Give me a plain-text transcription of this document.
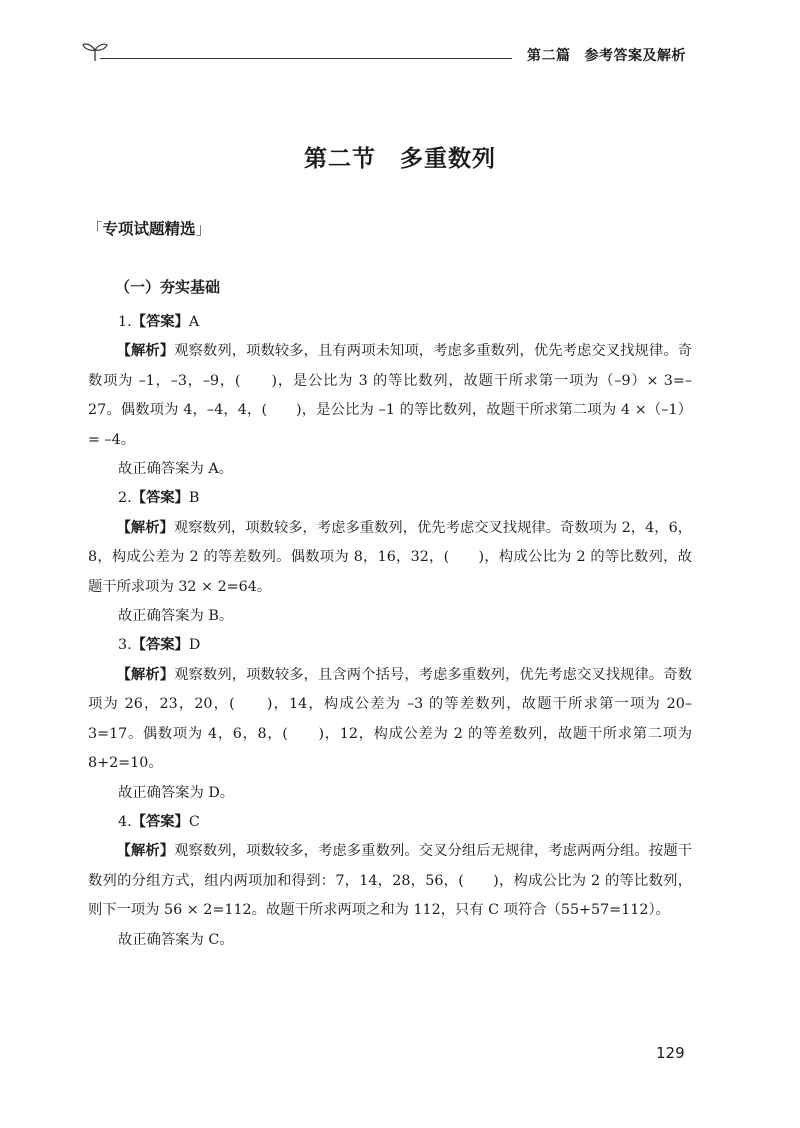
第二篇 参考答案及解析
第二节　多重数列
「专项试题精选」
（一）夯实基础

1.【答案】A

【解析】观察数列，项数较多，且有两项未知项，考虑多重数列，优先考虑交叉找规律。奇数项为 –1，–3，–9，(　　)，是公比为 3 的等比数列，故题干所求第一项为（–9）× 3=–27。偶数项为 4，–4，4，(　　)，是公比为 –1 的等比数列，故题干所求第二项为 4 ×（–1）= –4。

故正确答案为 A。

2.【答案】B

【解析】观察数列，项数较多，考虑多重数列，优先考虑交叉找规律。奇数项为 2，4，6，8，构成公差为 2 的等差数列。偶数项为 8，16，32，(　　)，构成公比为 2 的等比数列，故题干所求项为 32 × 2=64。

故正确答案为 B。

3.【答案】D

【解析】观察数列，项数较多，且含两个括号，考虑多重数列，优先考虑交叉找规律。奇数项为 26，23，20，(　　)，14，构成公差为 –3 的等差数列，故题干所求第一项为 20–3=17。偶数项为 4，6，8，(　　)，12，构成公差为 2 的等差数列，故题干所求第二项为 8+2=10。

故正确答案为 D。

4.【答案】C

【解析】观察数列，项数较多，考虑多重数列。交叉分组后无规律，考虑两两分组。按题干数列的分组方式，组内两项加和得到：7，14，28，56，(　　)，构成公比为 2 的等比数列，则下一项为 56 × 2=112。故题干所求两项之和为 112，只有 C 项符合（55+57=112）。

故正确答案为 C。

129
